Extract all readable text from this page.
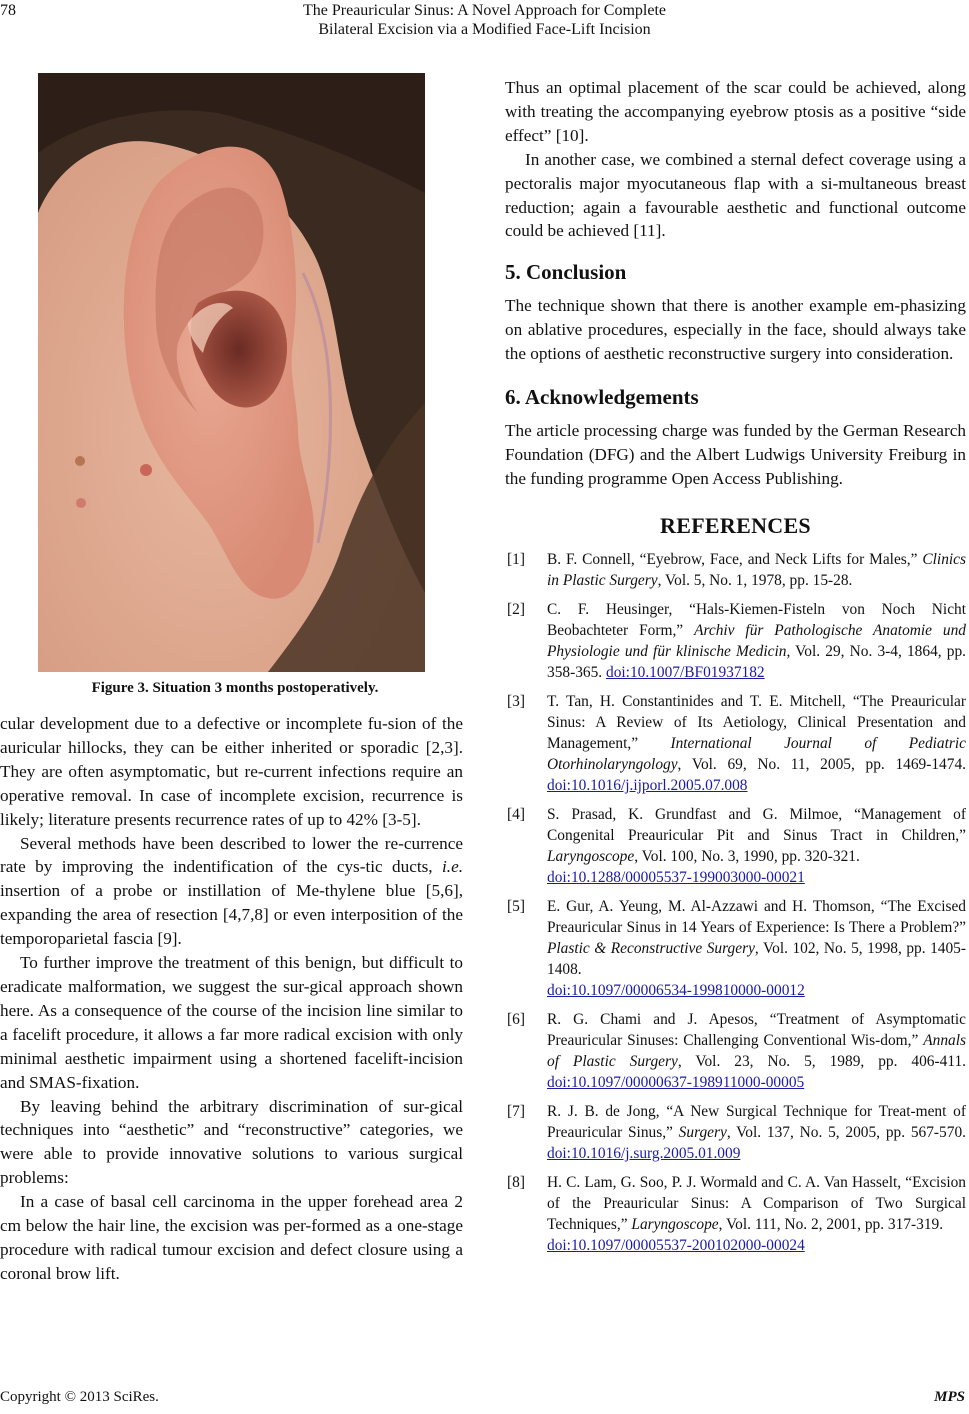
78	The Preauricular Sinus: A Novel Approach for Complete
Bilateral Excision via a Modified Face-Lift Incision
Figure 3. Situation 3 months postoperatively.

cular development due to a defective or incomplete fu-sion of the auricular hillocks, they can be either inherited or sporadic [2,3]. They are often asymptomatic, but re-current infections require an operative removal. In case of incomplete excision, recurrence is likely; literature presents recurrence rates of up to 42% [3-5].

Several methods have been described to lower the re-currence rate by improving the indentification of the cys-tic ducts, i.e. insertion of a probe or instillation of Me-thylene blue [5,6], expanding the area of resection [4,7,8] or even interposition of the temporoparietal fascia [9].

To further improve the treatment of this benign, but difficult to eradicate malformation, we suggest the sur-gical approach shown here. As a consequence of the course of the incision line similar to a facelift procedure, it allows a far more radical excision with only minimal aesthetic impairment using a shortened facelift-incision and SMAS-fixation.

By leaving behind the arbitrary discrimination of sur-gical techniques into “aesthetic” and “reconstructive” categories, we were able to provide innovative solutions to various surgical problems:

In a case of basal cell carcinoma in the upper forehead area 2 cm below the hair line, the excision was per-formed as a one-stage procedure with radical tumour excision and defect closure using a coronal brow lift.

Thus an optimal placement of the scar could be achieved, along with treating the accompanying eyebrow ptosis as a positive “side effect” [10].

In another case, we combined a sternal defect coverage using a pectoralis major myocutaneous flap with a si-multaneous breast reduction; again a favourable aesthetic and functional outcome could be achieved [11].

5. Conclusion

The technique shown that there is another example em-phasizing on ablative procedures, especially in the face, should always take the options of aesthetic reconstructive surgery into consideration.

6. Acknowledgements

The article processing charge was funded by the German Research Foundation (DFG) and the Albert Ludwigs University Freiburg in the funding programme Open Access Publishing.

REFERENCES
[1]	B. F. Connell, “Eyebrow, Face, and Neck Lifts for Males,” Clinics in Plastic Surgery, Vol. 5, No. 1, 1978, pp. 15-28.
[2]	C. F. Heusinger, “Hals-Kiemen-Fisteln von Noch Nicht Beobachteter Form,” Archiv für Pathologische Anatomie und Physiologie und für klinische Medicin, Vol. 29, No. 3-4, 1864, pp. 358-365. doi:10.1007/BF01937182
[3]	T. Tan, H. Constantinides and T. E. Mitchell, “The Preauricular Sinus: A Review of Its Aetiology, Clinical Presentation and Management,” International Journal of Pediatric Otorhinolaryngology, Vol. 69, No. 11, 2005, pp. 1469-1474. doi:10.1016/j.ijporl.2005.07.008
[4]	S. Prasad, K. Grundfast and G. Milmoe, “Management of Congenital Preauricular Pit and Sinus Tract in Children,” Laryngoscope, Vol. 100, No. 3, 1990, pp. 320-321.
doi:10.1288/00005537-199003000-00021
[5]	E. Gur, A. Yeung, M. Al-Azzawi and H. Thomson, “The Excised Preauricular Sinus in 14 Years of Experience: Is There a Problem?” Plastic & Reconstructive Surgery, Vol. 102, No. 5, 1998, pp. 1405-1408.
doi:10.1097/00006534-199810000-00012
[6]	R. G. Chami and J. Apesos, “Treatment of Asymptomatic Preauricular Sinuses: Challenging Conventional Wis-dom,” Annals of Plastic Surgery, Vol. 23, No. 5, 1989, pp. 406-411. doi:10.1097/00000637-198911000-00005
[7]	R. J. B. de Jong, “A New Surgical Technique for Treat-ment of Preauricular Sinus,” Surgery, Vol. 137, No. 5, 2005, pp. 567-570. doi:10.1016/j.surg.2005.01.009
[8]	H. C. Lam, G. Soo, P. J. Wormald and C. A. Van Hasselt, “Excision of the Preauricular Sinus: A Comparison of Two Surgical Techniques,” Laryngoscope, Vol. 111, No. 2, 2001, pp. 317-319.
doi:10.1097/00005537-200102000-00024
Copyright © 2013 SciRes.	MPS
